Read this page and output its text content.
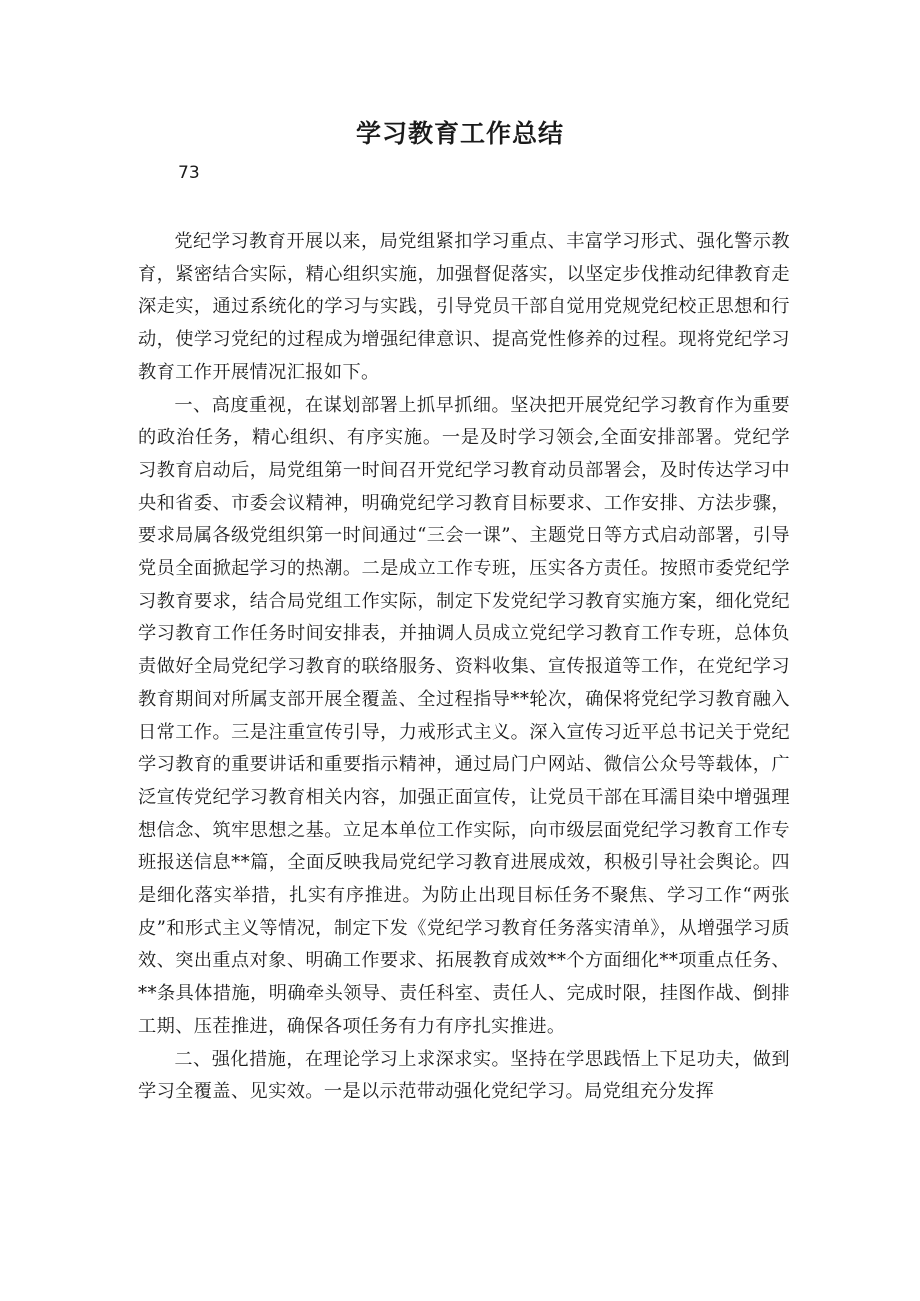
学习教育工作总结

73

党纪学习教育开展以来，局党组紧扣学习重点、丰富学习形式、强化警示教育，紧密结合实际，精心组织实施，加强督促落实，以坚定步伐推动纪律教育走深走实，通过系统化的学习与实践，引导党员干部自觉用党规党纪校正思想和行动，使学习党纪的过程成为增强纪律意识、提高党性修养的过程。现将党纪学习教育工作开展情况汇报如下。

一、高度重视，在谋划部署上抓早抓细。坚决把开展党纪学习教育作为重要的政治任务，精心组织、有序实施。一是及时学习领会,全面安排部署。党纪学习教育启动后，局党组第一时间召开党纪学习教育动员部署会，及时传达学习中央和省委、市委会议精神，明确党纪学习教育目标要求、工作安排、方法步骤，要求局属各级党组织第一时间通过“三会一课”、主题党日等方式启动部署，引导党员全面掀起学习的热潮。二是成立工作专班，压实各方责任。按照市委党纪学习教育要求，结合局党组工作实际，制定下发党纪学习教育实施方案，细化党纪学习教育工作任务时间安排表，并抽调人员成立党纪学习教育工作专班，总体负责做好全局党纪学习教育的联络服务、资料收集、宣传报道等工作，在党纪学习教育期间对所属支部开展全覆盖、全过程指导**轮次，确保将党纪学习教育融入日常工作。三是注重宣传引导，力戒形式主义。深入宣传习近平总书记关于党纪学习教育的重要讲话和重要指示精神，通过局门户网站、微信公众号等载体，广泛宣传党纪学习教育相关内容，加强正面宣传，让党员干部在耳濡目染中增强理想信念、筑牢思想之基。立足本单位工作实际，向市级层面党纪学习教育工作专班报送信息**篇，全面反映我局党纪学习教育进展成效，积极引导社会舆论。四是细化落实举措，扎实有序推进。为防止出现目标任务不聚焦、学习工作“两张皮”和形式主义等情况，制定下发《党纪学习教育任务落实清单》，从增强学习质效、突出重点对象、明确工作要求、拓展教育成效**个方面细化**项重点任务、**条具体措施，明确牵头领导、责任科室、责任人、完成时限，挂图作战、倒排工期、压茬推进，确保各项任务有力有序扎实推进。

二、强化措施，在理论学习上求深求实。坚持在学思践悟上下足功夫，做到学习全覆盖、见实效。一是以示范带动强化党纪学习。局党组充分发挥
